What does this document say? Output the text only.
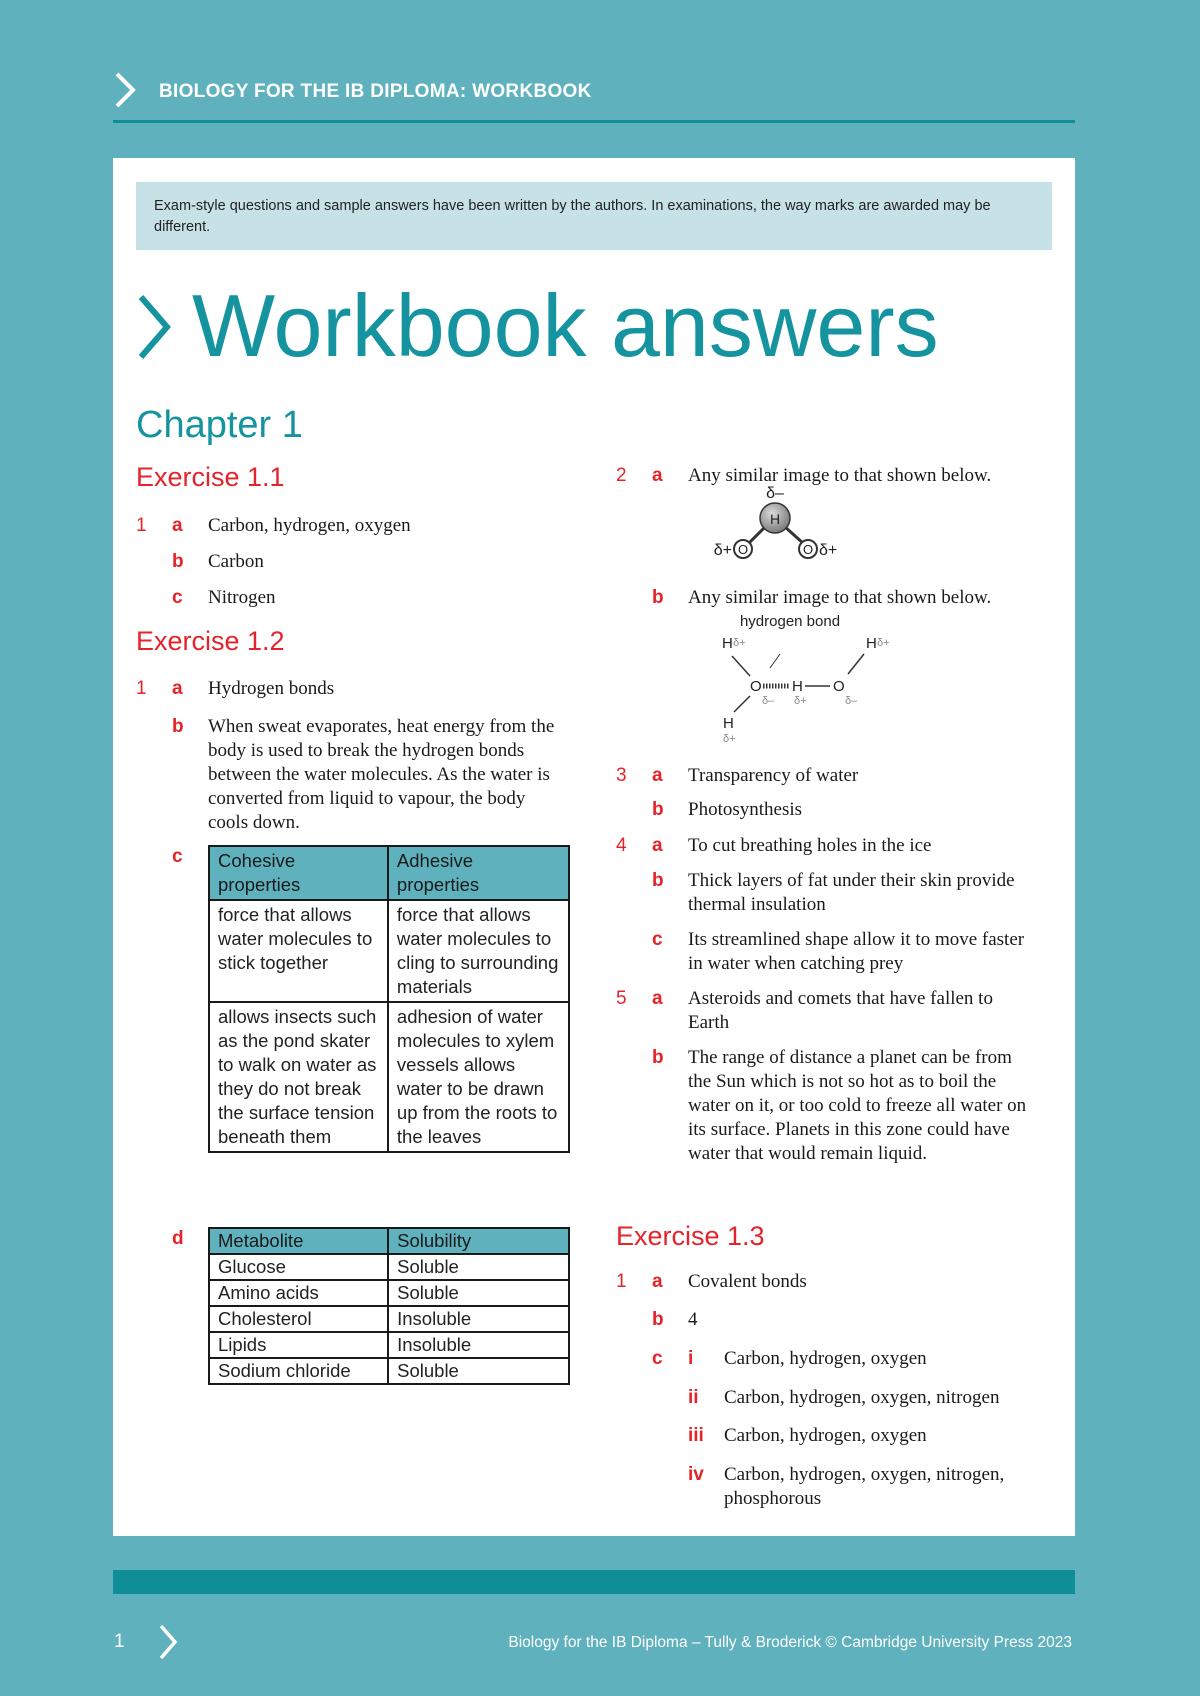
BIOLOGY FOR THE IB DIPLOMA: WORKBOOK
Exam-style questions and sample answers have been written by the authors. In examinations, the way marks are awarded may be different.
Workbook answers
Chapter 1
Exercise 1.1
1 a Carbon, hydrogen, oxygen
b Carbon
c Nitrogen
Exercise 1.2
1 a Hydrogen bonds
b When sweat evaporates, heat energy from the body is used to break the hydrogen bonds between the water molecules. As the water is converted from liquid to vapour, the body cools down.
c Cohesive properties	Adhesive properties
force that allows water molecules to stick together	force that allows water molecules to cling to surrounding materials
allows insects such as the pond skater to walk on water as they do not break the surface tension beneath them	adhesion of water molecules to xylem vessels allows water to be drawn up from the roots to the leaves
d Metabolite	Solubility
Glucose	Soluble
Amino acids	Soluble
Cholesterol	Insoluble
Lipids	Insoluble
Sodium chloride	Soluble
2 a Any similar image to that shown below.
H
δ–
O	O
δ+	δ+
b Any similar image to that shown below.
hydrogen bond
H δ+	H δ+
O
δ–
H
δ+
O
δ–
H
δ+
3 a Transparency of water
b Photosynthesis
4 a To cut breathing holes in the ice
b Thick layers of fat under their skin provide thermal insulation
c Its streamlined shape allow it to move faster in water when catching prey
5 a Asteroids and comets that have fallen to Earth
b The range of distance a planet can be from the Sun which is not so hot as to boil the water on it, or too cold to freeze all water on its surface. Planets in this zone could have water that would remain liquid.
Exercise 1.3
1 a Covalent bonds
b 4
c i Carbon, hydrogen, oxygen
ii Carbon, hydrogen, oxygen, nitrogen
iii Carbon, hydrogen, oxygen
iv Carbon, hydrogen, oxygen, nitrogen, phosphorous
1	Biology for the IB Diploma – Tully & Broderick © Cambridge University Press 2023
